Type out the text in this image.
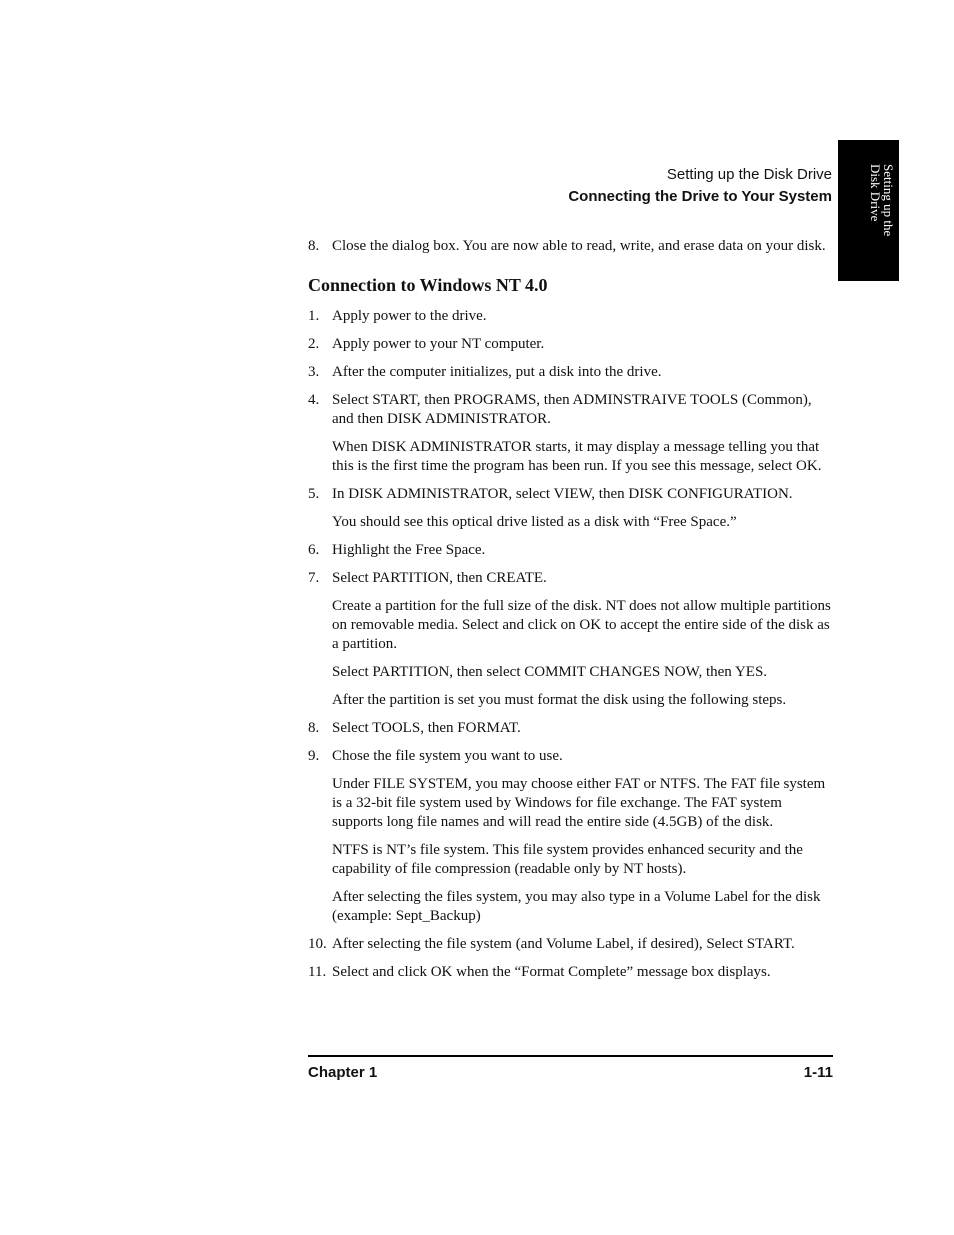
Setting up the Disk Drive
Connecting the Drive to Your System	Setting up the
Disk Drive
8. Close the dialog box. You are now able to read, write, and erase data on your disk.
Connection to Windows NT 4.0
1. Apply power to the drive.
2. Apply power to your NT computer.
3. After the computer initializes, put a disk into the drive.
4. Select START, then PROGRAMS, then ADMINSTRAIVE TOOLS (Common), and then DISK ADMINISTRATOR.
When DISK ADMINISTRATOR starts, it may display a message telling you that this is the first time the program has been run. If you see this message, select OK.
5. In DISK ADMINISTRATOR, select VIEW, then DISK CONFIGURATION.
You should see this optical drive listed as a disk with “Free Space.”
6. Highlight the Free Space.
7. Select PARTITION, then CREATE.
Create a partition for the full size of the disk. NT does not allow multiple partitions on removable media. Select and click on OK to accept the entire side of the disk as a partition.
Select PARTITION, then select COMMIT CHANGES NOW, then YES.
After the partition is set you must format the disk using the following steps.
8. Select TOOLS, then FORMAT.
9. Chose the file system you want to use.
Under FILE SYSTEM, you may choose either FAT or NTFS. The FAT file system is a 32-bit file system used by Windows for file exchange. The FAT system supports long file names and will read the entire side (4.5GB) of the disk.
NTFS is NT’s file system. This file system provides enhanced security and the capability of file compression (readable only by NT hosts).
After selecting the files system, you may also type in a Volume Label for the disk (example: Sept_Backup)
10. After selecting the file system (and Volume Label, if desired), Select START.
11. Select and click OK when the “Format Complete” message box displays.
Chapter 1	1-11
